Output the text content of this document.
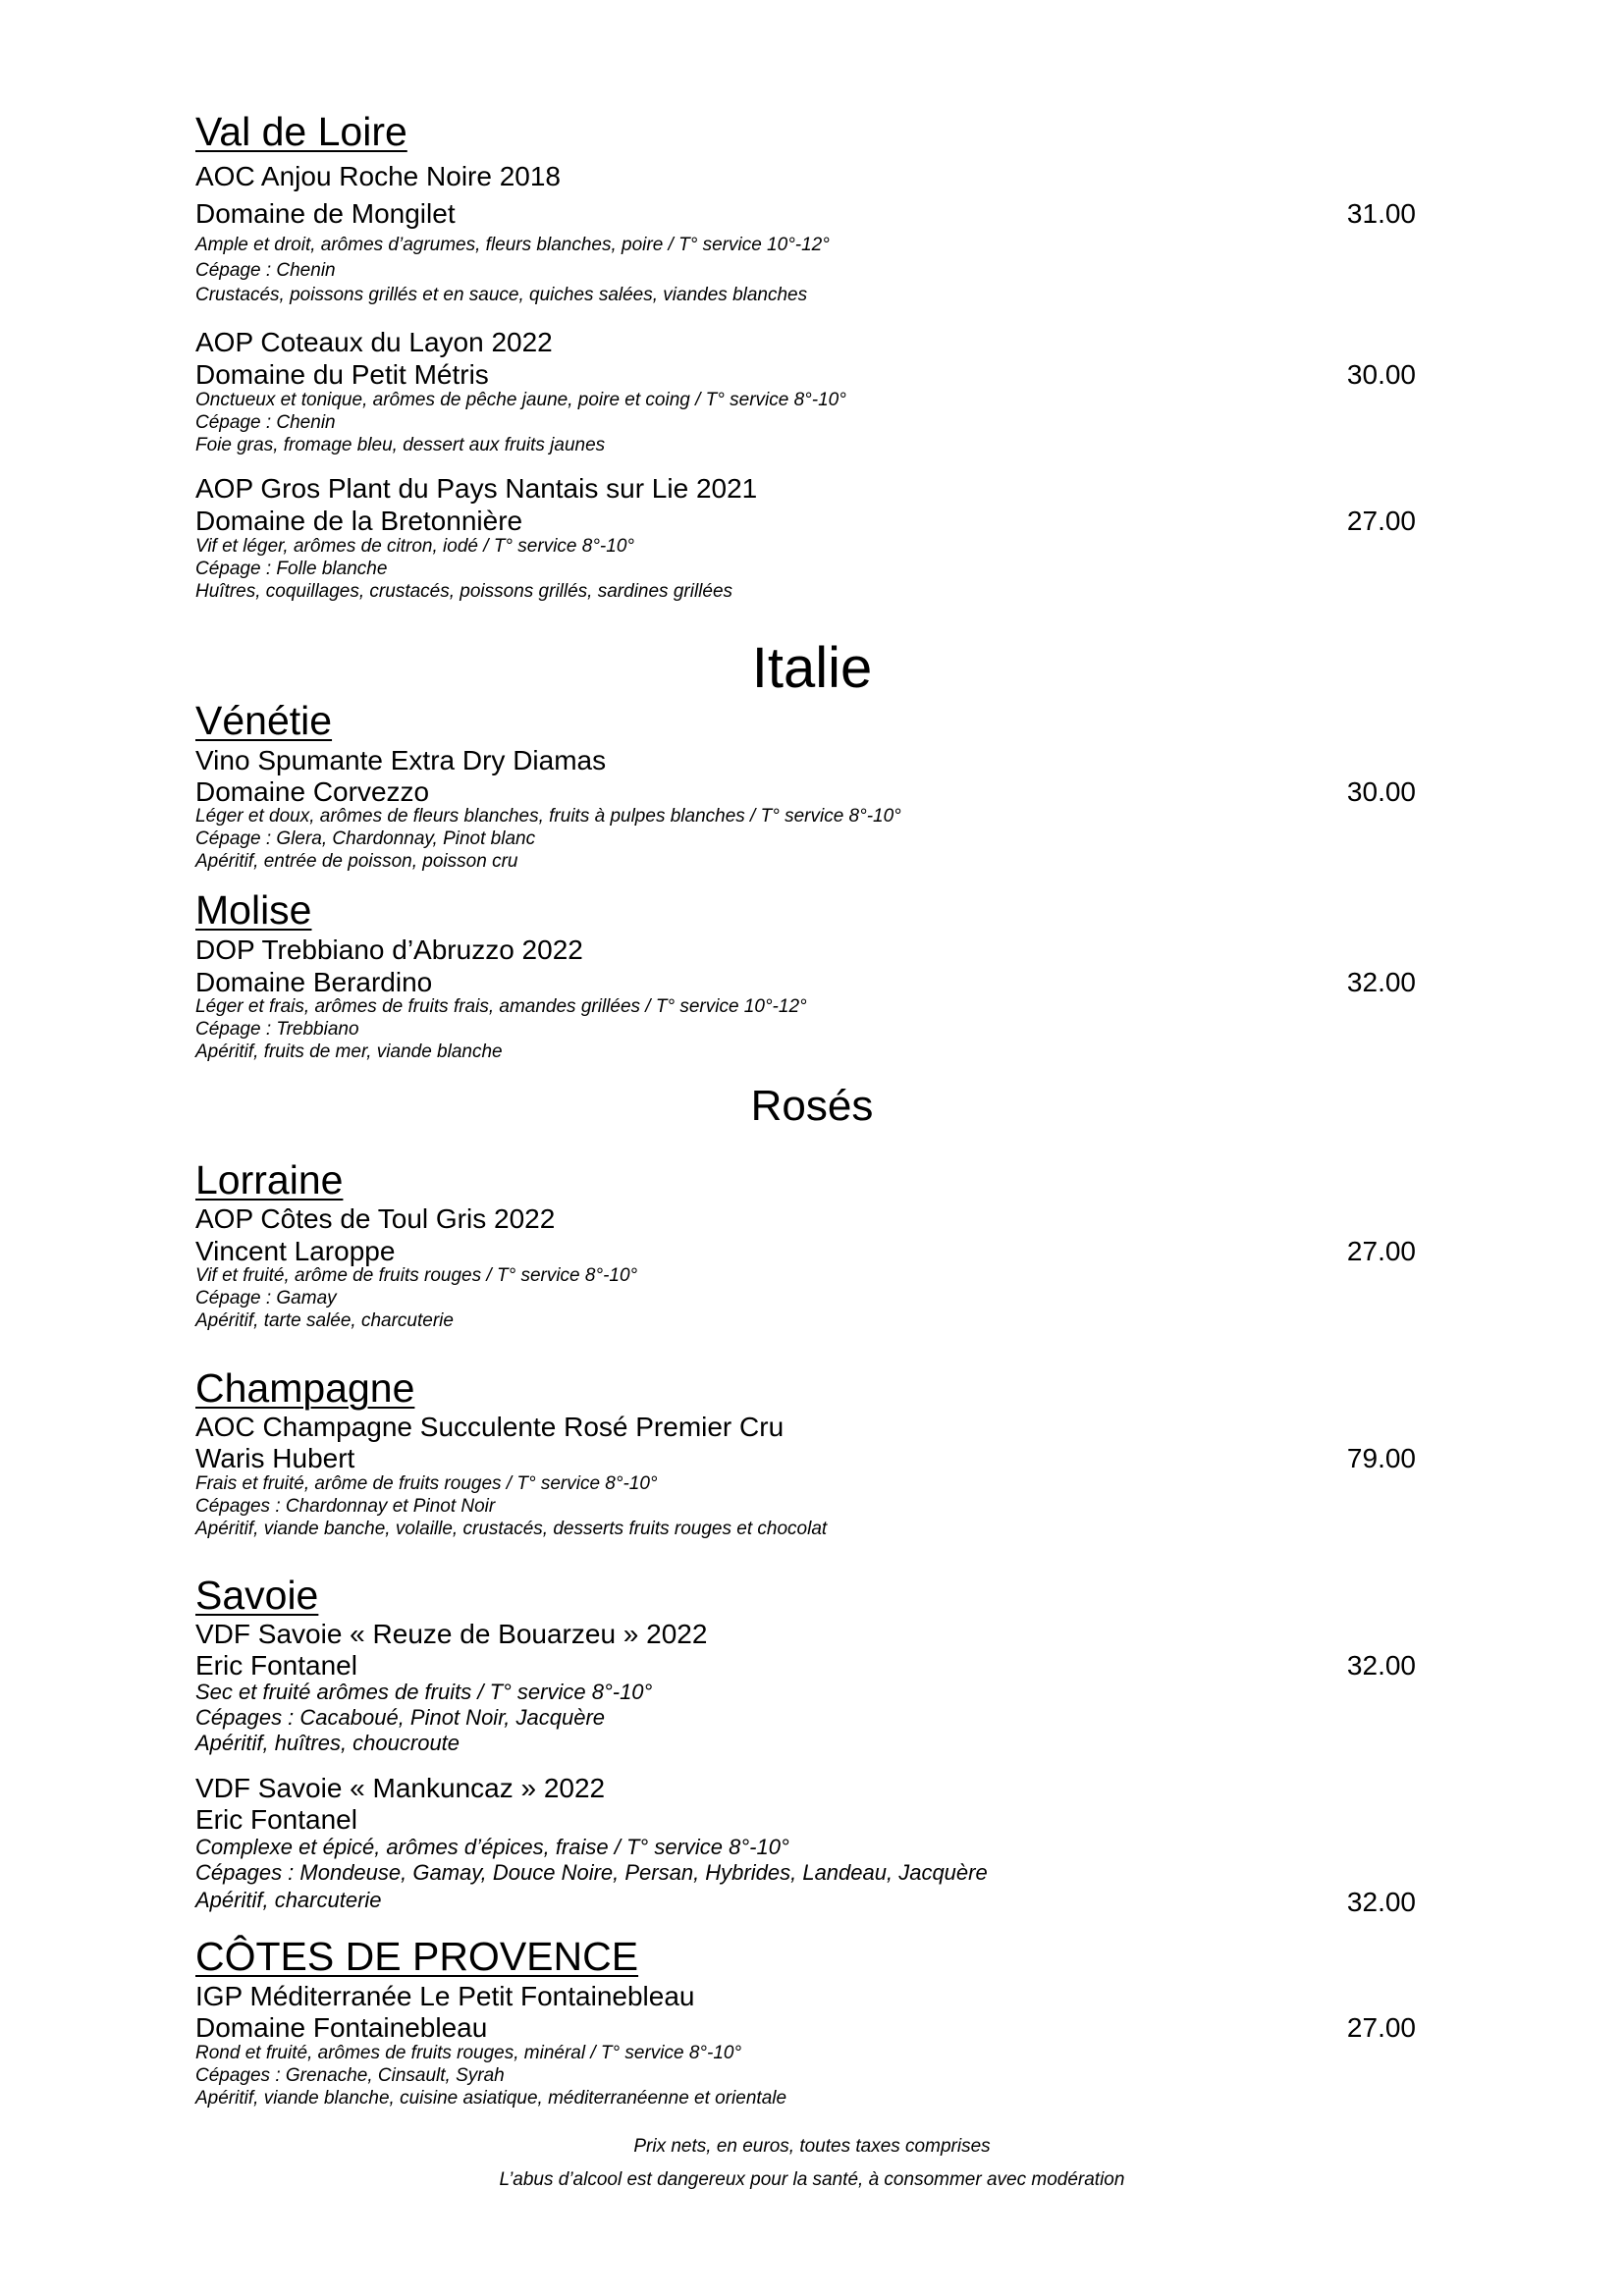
Val de Loire
AOC Anjou Roche Noire 2018
Domaine de Mongilet	31.00
Ample et droit, arômes d’agrumes, fleurs blanches, poire / T° service 10°-12°
Cépage : Chenin
Crustacés, poissons grillés et en sauce, quiches salées, viandes blanches
AOP Coteaux du Layon 2022
Domaine du Petit Métris	30.00
Onctueux et tonique, arômes de pêche jaune, poire et coing / T° service 8°-10°
Cépage : Chenin
Foie gras, fromage bleu, dessert aux fruits jaunes
AOP Gros Plant du Pays Nantais sur Lie 2021
Domaine de la Bretonnière	27.00
Vif et léger, arômes de citron, iodé / T° service 8°-10°
Cépage : Folle blanche
Huîtres, coquillages, crustacés, poissons grillés, sardines grillées
Italie
Vénétie
Vino Spumante Extra Dry Diamas
Domaine Corvezzo	30.00
Léger et doux, arômes de fleurs blanches, fruits à pulpes blanches / T° service 8°-10°
Cépage : Glera, Chardonnay, Pinot blanc
Apéritif, entrée de poisson, poisson cru
Molise
DOP Trebbiano d’Abruzzo 2022
Domaine Berardino	32.00
Léger et frais, arômes de fruits frais, amandes grillées / T° service 10°-12°
Cépage : Trebbiano
Apéritif, fruits de mer, viande blanche
Rosés
Lorraine
AOP Côtes de Toul Gris 2022
Vincent Laroppe	27.00
Vif et fruité, arôme de fruits rouges / T° service 8°-10°
Cépage : Gamay
Apéritif, tarte salée, charcuterie
Champagne
AOC Champagne Succulente Rosé Premier Cru
Waris Hubert	79.00
Frais et fruité, arôme de fruits rouges / T° service 8°-10°
Cépages : Chardonnay et Pinot Noir
Apéritif, viande banche, volaille, crustacés, desserts fruits rouges et chocolat
Savoie
VDF Savoie « Reuze de Bouarzeu » 2022
Eric Fontanel	32.00
Sec et fruité arômes de fruits / T° service 8°-10°
Cépages : Cacaboué, Pinot Noir, Jacquère
Apéritif, huîtres, choucroute
VDF Savoie « Mankuncaz » 2022
Eric Fontanel
Complexe et épicé, arômes d’épices, fraise / T° service 8°-10°
Cépages : Mondeuse, Gamay, Douce Noire, Persan, Hybrides, Landeau, Jacquère
Apéritif, charcuterie	32.00
CÔTES DE PROVENCE
IGP Méditerranée Le Petit Fontainebleau
Domaine Fontainebleau	27.00
Rond et fruité, arômes de fruits rouges, minéral / T° service 8°-10°
Cépages : Grenache, Cinsault, Syrah
Apéritif, viande blanche, cuisine asiatique, méditerranéenne et orientale
Prix nets, en euros, toutes taxes comprises
L’abus d’alcool est dangereux pour la santé, à consommer avec modération
